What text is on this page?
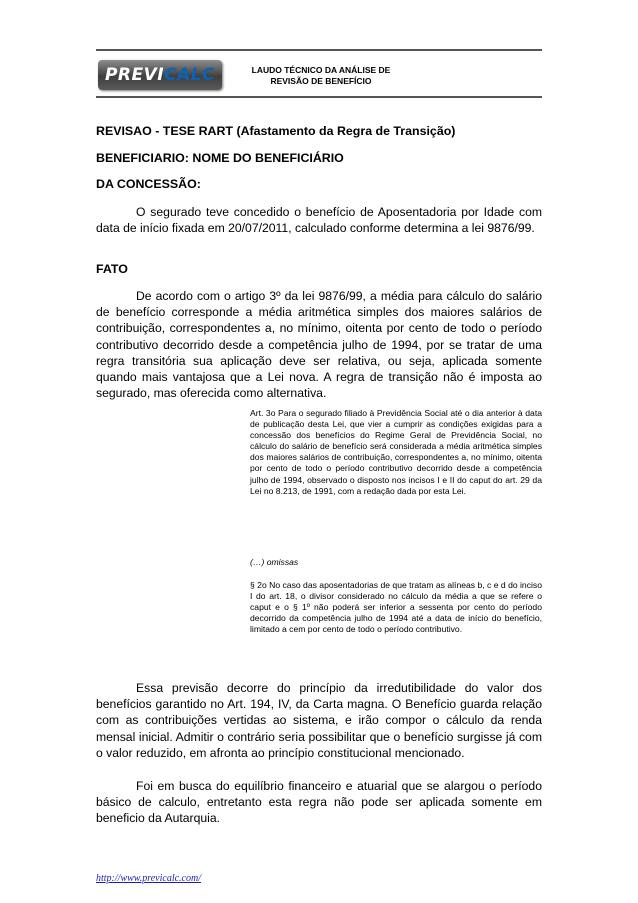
PREVI CALC	LAUDO TÉCNICO DA ANÁLISE DE
REVISÃO DE BENEFÍCIO

REVISAO - TESE RART (Afastamento da Regra de Transição)

BENEFICIARIO: NOME DO BENEFICIÁRIO

DA CONCESSÃO:

O segurado teve concedido o benefício de Aposentadoria por Idade com data de início fixada em 20/07/2011, calculado conforme determina a lei 9876/99.

FATO

De acordo com o artigo 3º da lei 9876/99, a média para cálculo do salário de benefício corresponde a média aritmética simples dos maiores salários de contribuição, correspondentes a, no mínimo, oitenta por cento de todo o período contributivo decorrido desde a competência julho de 1994, por se tratar de uma regra transitória sua aplicação deve ser relativa, ou seja, aplicada somente quando mais vantajosa que a Lei nova. A regra de transição não é imposta ao segurado, mas oferecida como alternativa.

Art. 3o Para o segurado filiado à Previdência Social até o dia anterior à data de publicação desta Lei, que vier a cumprir as condições exigidas para a concessão dos benefícios do Regime Geral de Previdência Social, no cálculo do salário de benefício será considerada a média aritmética simples dos maiores salários de contribuição, correspondentes a, no mínimo, oitenta por cento de todo o período contributivo decorrido desde a competência julho de 1994, observado o disposto nos incisos I e II do caput do art. 29 da Lei no 8.213, de 1991, com a redação dada por esta Lei.

(…) omissas

§ 2o No caso das aposentadorias de que tratam as alíneas b, c e d do inciso I do art. 18, o divisor considerado no cálculo da média a que se refere o caput e o § 1º não poderá ser inferior a sessenta por cento do período decorrido da competência julho de 1994 até a data de início do benefício, limitado a cem por cento de todo o período contributivo.

Essa previsão decorre do princípio da irredutibilidade do valor dos benefícios garantido no Art. 194, IV, da Carta magna. O Benefício guarda relação com as contribuições vertidas ao sistema, e irão compor o cálculo da renda mensal inicial. Admitir o contrário seria possibilitar que o benefício surgisse já com o valor reduzido, em afronta ao princípio constitucional mencionado.

Foi em busca do equilíbrio financeiro e atuarial que se alargou o período básico de calculo, entretanto esta regra não pode ser aplicada somente em beneficio da Autarquia.

http://www.previcalc.com/
